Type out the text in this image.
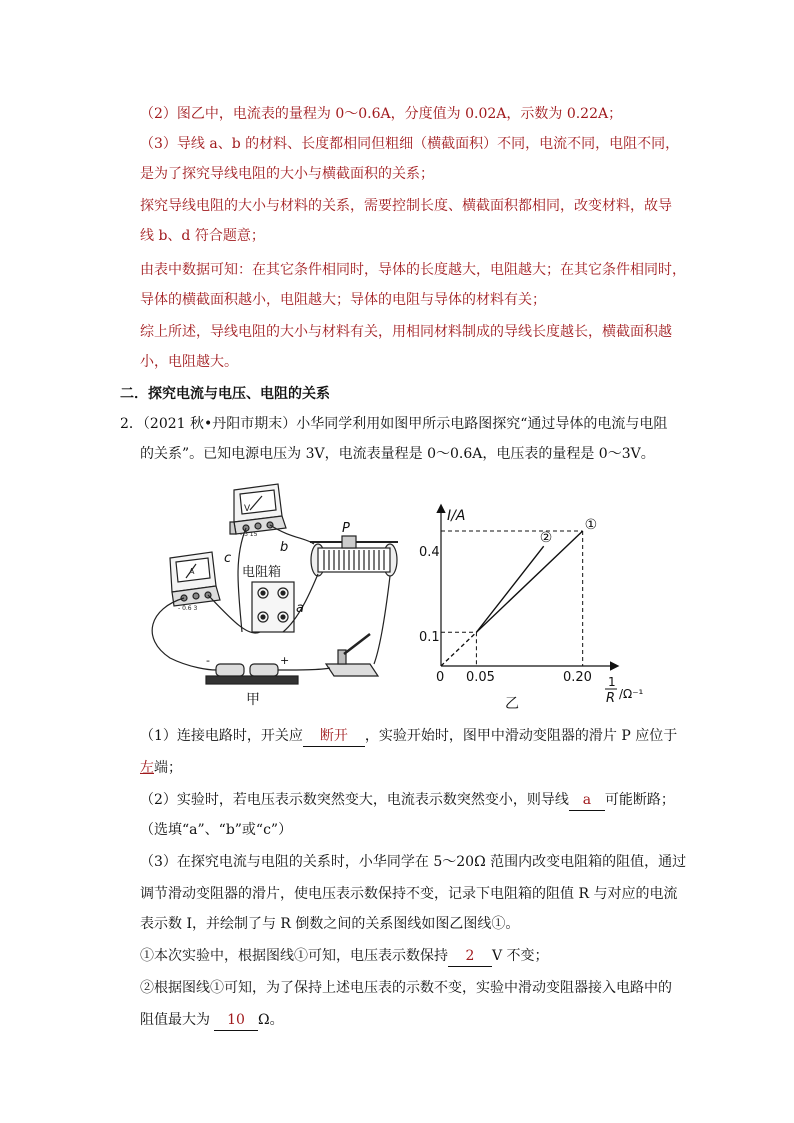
（2）图乙中，电流表的量程为 0～0.6A，分度值为 0.02A，示数为 0.22A；
（3）导线 a、b 的材料、长度都相同但粗细（横截面积）不同，电流不同，电阻不同，
是为了探究导线电阻的大小与横截面积的关系；
探究导线电阻的大小与材料的关系，需要控制长度、横截面积都相同，改变材料，故导
线 b、d 符合题意；
由表中数据可知：在其它条件相同时，导体的长度越大，电阻越大；在其它条件相同时，
导体的横截面积越小，电阻越大；导体的电阻与导体的材料有关；
综上所述，导线电阻的大小与材料有关，用相同材料制成的导线长度越长，横截面积越
小，电阻越大。
二．探究电流与电压、电阻的关系
2．（2021 秋•丹阳市期末）小华同学利用如图甲所示电路图探究“通过导体的电流与电阻
的关系”。已知电源电压为 3V，电流表量程是 0～0.6A，电压表的量程是 0～3V。
V
- 3 15
A
- 0.6 3
电阻箱
a
b
c
P
-	+
甲
I/A
0.4
0.1
0 0.05	0.20 1
R /Ω⁻¹
①
②
乙
（1）连接电路时，开关应 断开 ，实验开始时，图甲中滑动变阻器的滑片 P 应位于
左端；
（2）实验时，若电压表示数突然变大，电流表示数突然变小，则导线 a 可能断路；
（选填“a”、“b”或“c”）
（3）在探究电流与电阻的关系时，小华同学在 5～20Ω 范围内改变电阻箱的阻值，通过
调节滑动变阻器的滑片，使电压表示数保持不变，记录下电阻箱的阻值 R 与对应的电流
表示数 I，并绘制了与 R 倒数之间的关系图线如图乙图线①。
①本次实验中，根据图线①可知，电压表示数保持 2 V 不变；
②根据图线①可知，为了保持上述电压表的示数不变，实验中滑动变阻器接入电路中的
阻值最大为 10 Ω。
